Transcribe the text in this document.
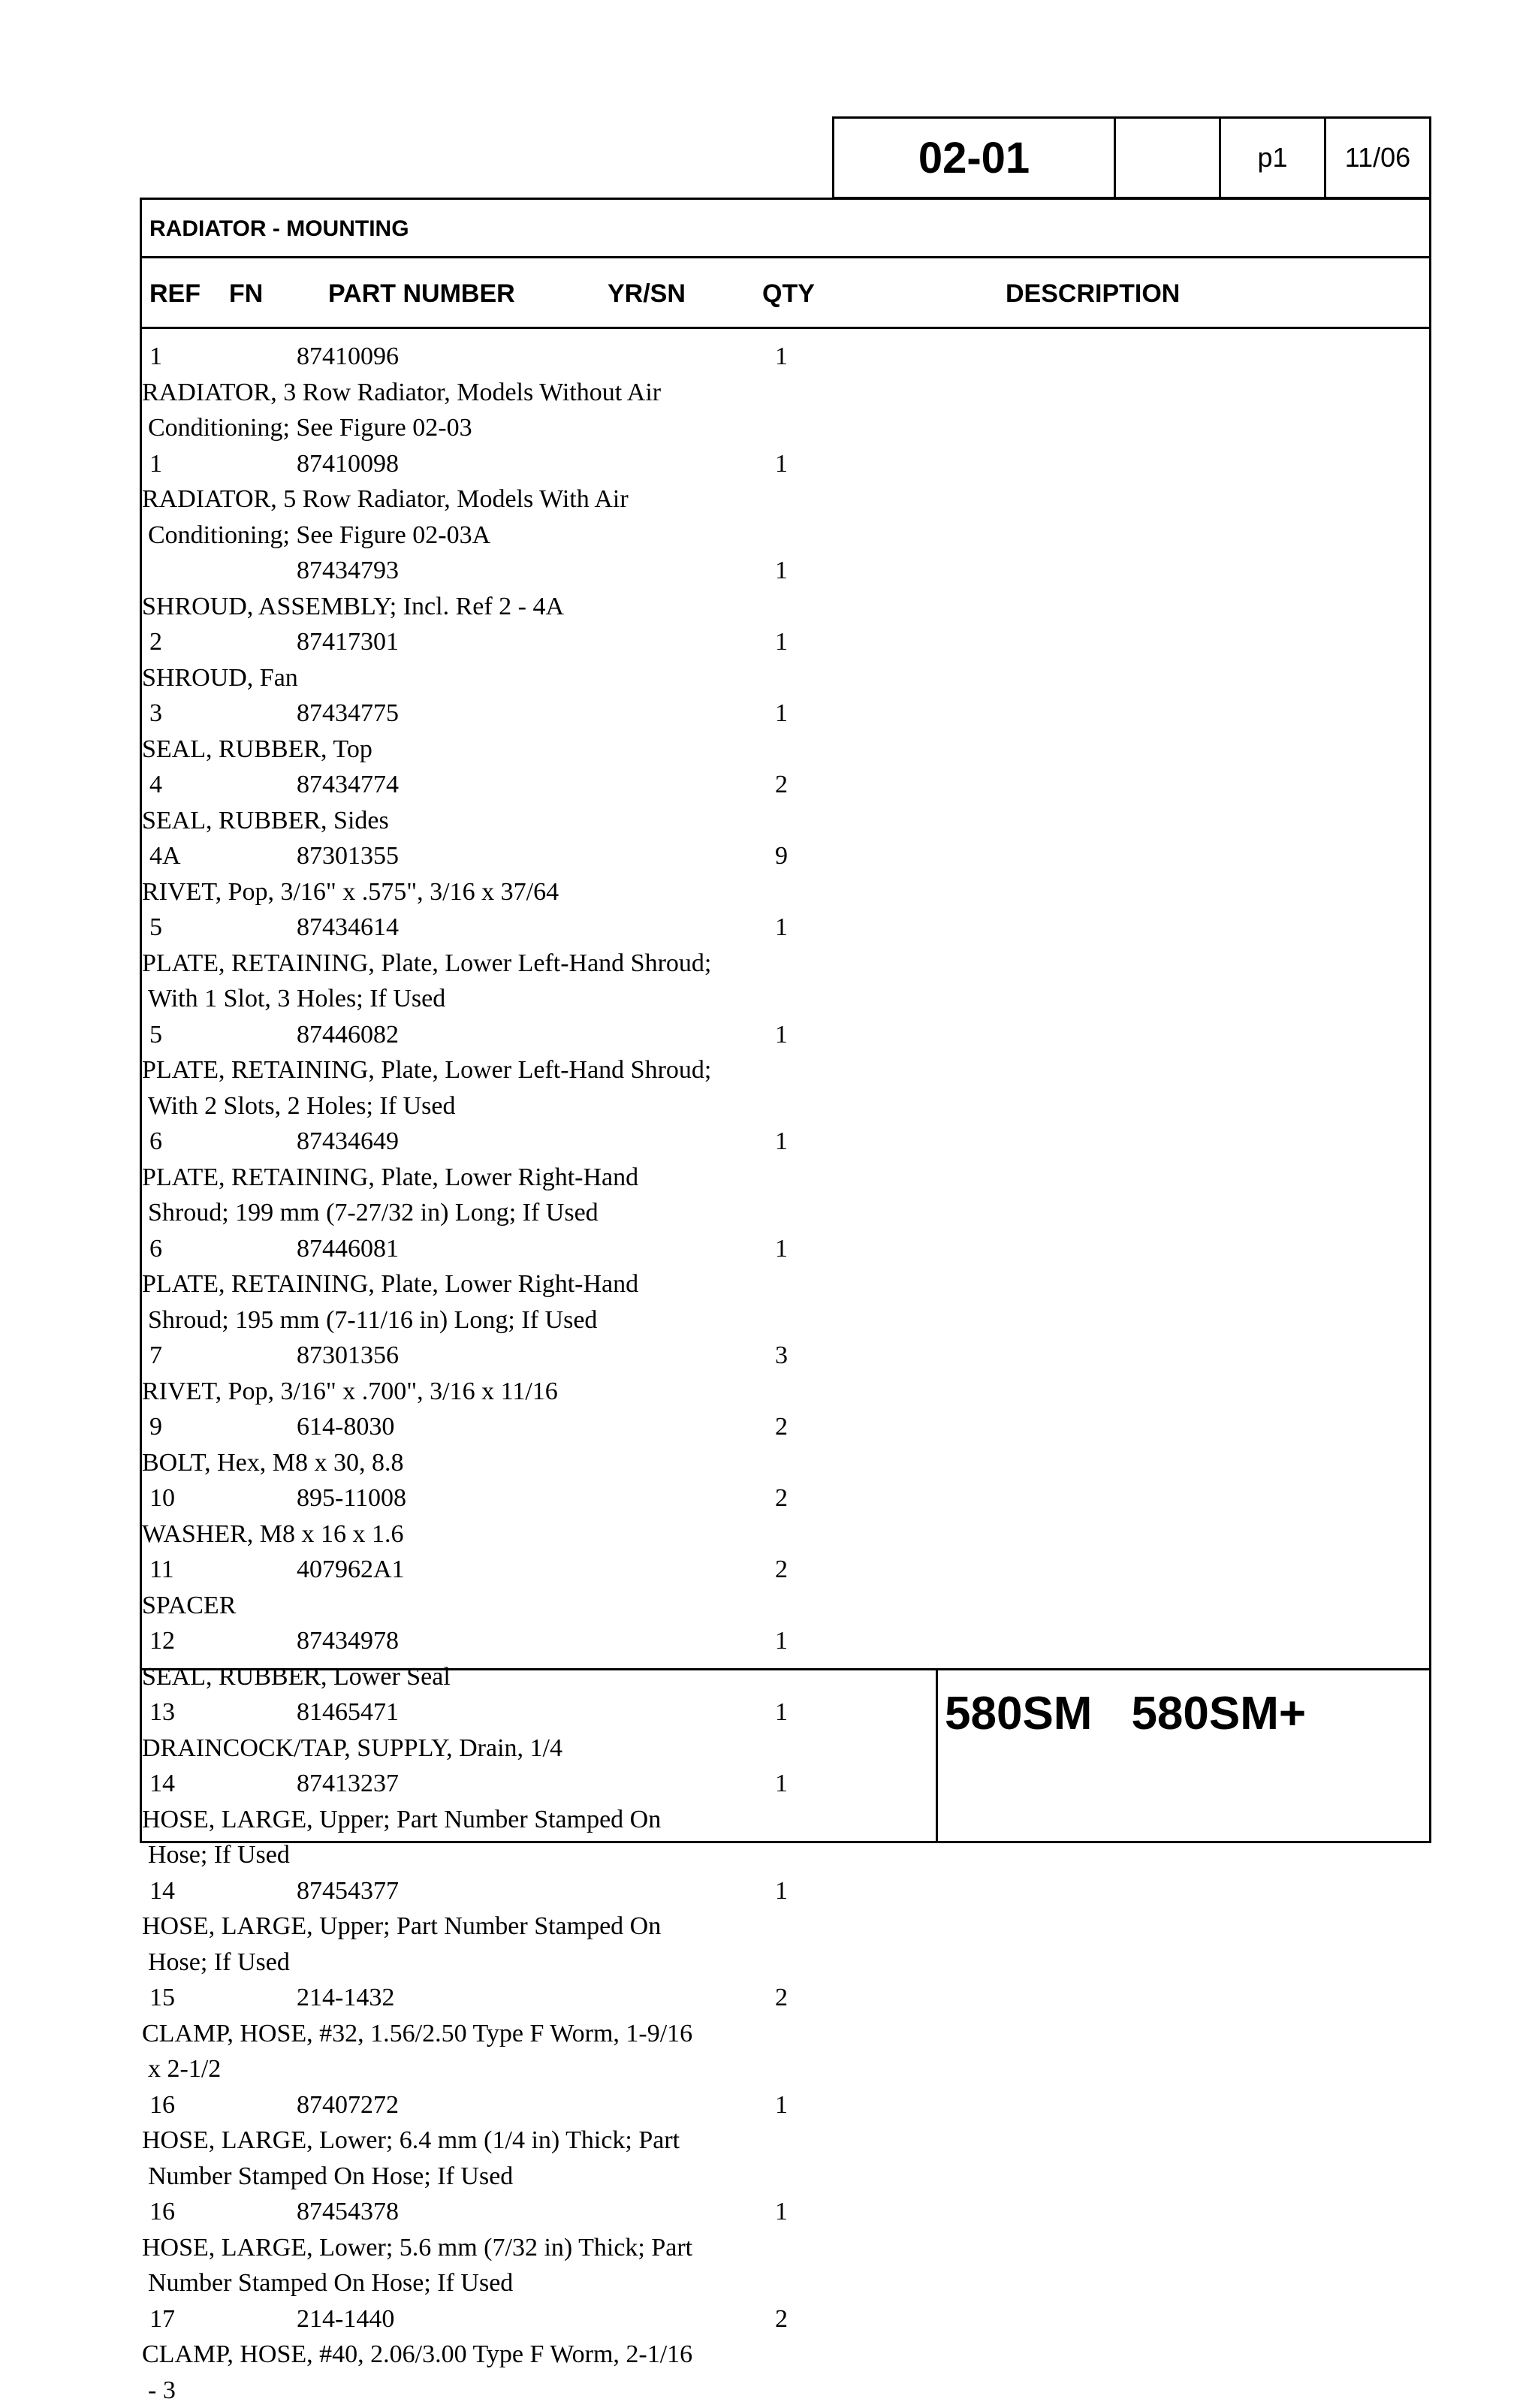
02-01	p1	11/06
RADIATOR - MOUNTING
REF FN	PART NUMBER	YR/SN	QTY	DESCRIPTION
1	87410096	1
RADIATOR, 3 Row Radiator, Models Without Air
Conditioning; See Figure 02-03
1	87410098	1
RADIATOR, 5 Row Radiator, Models With Air
Conditioning; See Figure 02-03A
87434793	1
SHROUD, ASSEMBLY; Incl. Ref 2 - 4A
2	87417301	1
SHROUD, Fan
3	87434775	1
SEAL, RUBBER, Top
4	87434774	2
SEAL, RUBBER, Sides
4A	87301355	9
RIVET, Pop, 3/16" x .575", 3/16 x 37/64
5	87434614	1
PLATE, RETAINING, Plate, Lower Left-Hand Shroud;
With 1 Slot, 3 Holes; If Used
5	87446082	1
PLATE, RETAINING, Plate, Lower Left-Hand Shroud;
With 2 Slots, 2 Holes; If Used
6	87434649	1
PLATE, RETAINING, Plate, Lower Right-Hand
Shroud; 199 mm (7-27/32 in) Long; If Used
6	87446081	1
PLATE, RETAINING, Plate, Lower Right-Hand
Shroud; 195 mm (7-11/16 in) Long; If Used
7	87301356	3
RIVET, Pop, 3/16" x .700", 3/16 x 11/16
9	614-8030	2
BOLT, Hex, M8 x 30, 8.8
10	895-11008	2
WASHER, M8 x 16 x 1.6
11	407962A1	2
SPACER
12	87434978	1
SEAL, RUBBER, Lower Seal
13	81465471	1
DRAINCOCK/TAP, SUPPLY, Drain, 1/4
14	87413237	1
HOSE, LARGE, Upper; Part Number Stamped On
Hose; If Used
14	87454377	1
HOSE, LARGE, Upper; Part Number Stamped On
Hose; If Used
15	214-1432	2
CLAMP, HOSE, #32, 1.56/2.50 Type F Worm, 1-9/16
x 2-1/2
16	87407272	1
HOSE, LARGE, Lower; 6.4 mm (1/4 in) Thick; Part
Number Stamped On Hose; If Used
16	87454378	1
HOSE, LARGE, Lower; 5.6 mm (7/32 in) Thick; Part
Number Stamped On Hose; If Used
17	214-1440	2
CLAMP, HOSE, #40, 2.06/3.00 Type F Worm, 2-1/16
- 3
580SM 580SM+
